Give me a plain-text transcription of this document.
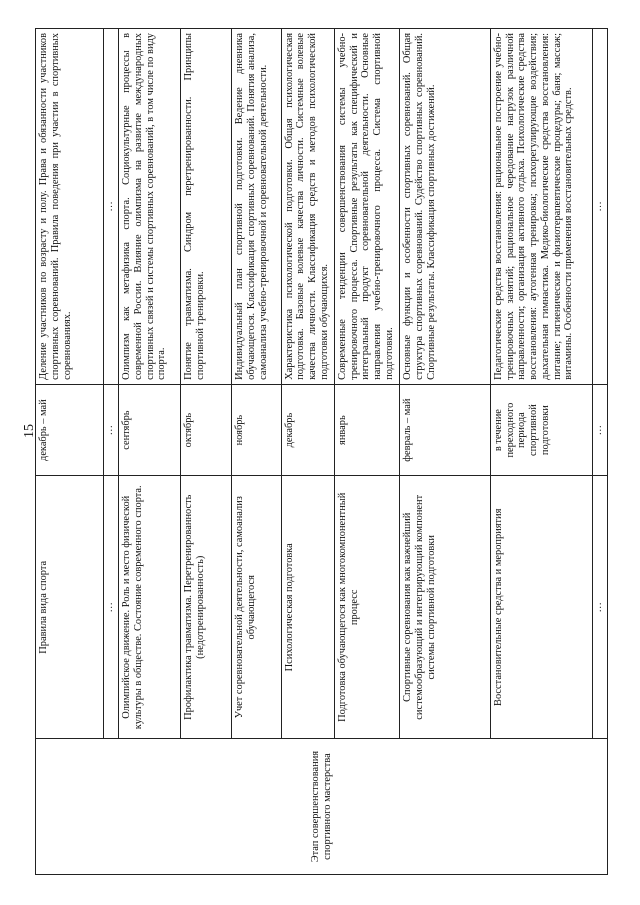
15
Этап совершенствования спортивного мастерства	Правила вида спорта	декабрь – май	Деление участников по возрасту и полу. Права и обязанности участников спортивных соревнований. Правила поведения при участии в спортивных соревнованиях.
	…	…	…
	Олимпийское движение. Роль и место физической культуры в обществе. Состояние современного спорта.	сентябрь	Олимпизм как метафизика спорта. Социокультурные процессы в современной России. Влияние олимпизма на развитие международных спортивных связей и системы спортивных соревнований, в том числе по виду спорта.
	Профилактика травматизма. Перетренированность (недотренированность)	октябрь	Понятие травматизма. Синдром перетренированности. Принципы спортивной тренировки.
	Учет соревновательной деятельности, самоанализ обучающегося	ноябрь	Индивидуальный план спортивной подготовки. Ведение дневника обучающегося. Классификация спортивных соревнований. Понятия анализа, самоанализа учебно-тренировочной и соревновательной деятельности.
	Психологическая подготовка	декабрь	Характеристика психологической подготовки. Общая психологическая подготовка. Базовые волевые качества личности. Системные волевые качества личности. Классификация средств и методов психологической подготовки обучающихся.
	Подготовка обучающегося как многокомпонентный процесс	январь	Современные тенденции совершенствования системы учебно-тренировочного процесса. Спортивные результаты как специфический и интегральный продукт соревновательной деятельности. Основные направления учебно-тренировочного процесса. Система спортивной подготовки.
	Спортивные соревнования как важнейший системообразующий и интегрирующий компонент системы спортивной подготовки	февраль – май	Основные функции и особенности спортивных соревнований. Общая структура спортивных соревнований. Судейство спортивных соревнований. Спортивные результаты. Классификация спортивных достижений.
	Восстановительные средства и мероприятия	в течение переходного периода спортивной подготовки	Педагогические средства восстановления: рациональное построение учебно-тренировочных занятий; рациональное чередование нагрузок различной направленности; организация активного отдыха. Психологические средства восстановления: аутогенная тренировка; психорегулирующие воздействия; дыхательная гимнастика. Медико-биологические средства восстановления: питание; гигиенические и физиотерапевтические процедуры; баня; массаж; витамины. Особенности применения восстановительных средств.
	…	…	…
